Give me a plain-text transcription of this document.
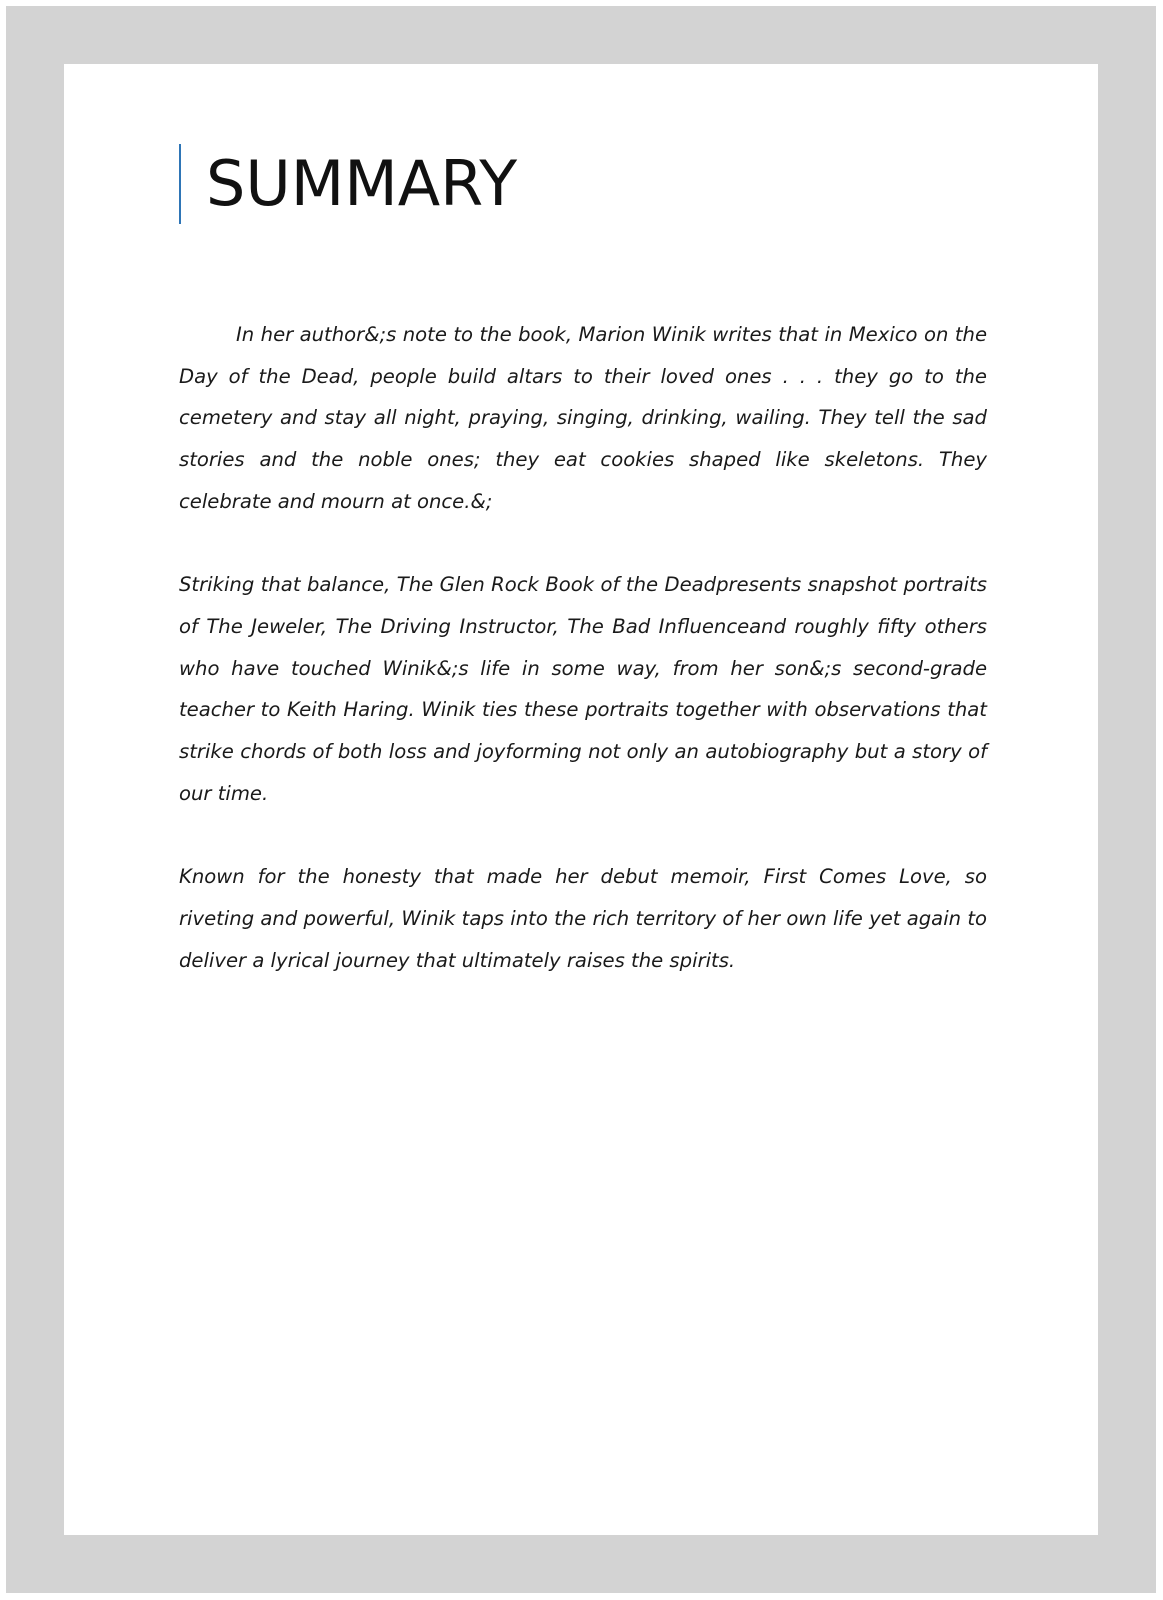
SUMMARY

In her author&;s note to the book, Marion Winik writes that in Mexico on the Day of the Dead, people build altars to their loved ones . . . they go to the cemetery and stay all night, praying, singing, drinking, wailing. They tell the sad stories and the noble ones; they eat cookies shaped like skeletons. They celebrate and mourn at once.&;

Striking that balance, The Glen Rock Book of the Deadpresents snapshot portraits of The Jeweler, The Driving Instructor, The Bad Influenceand roughly fifty others who have touched Winik&;s life in some way, from her son&;s second-grade teacher to Keith Haring. Winik ties these portraits together with observations that strike chords of both loss and joyforming not only an autobiography but a story of our time.

Known for the honesty that made her debut memoir, First Comes Love, so riveting and powerful, Winik taps into the rich territory of her own life yet again to deliver a lyrical journey that ultimately raises the spirits.
